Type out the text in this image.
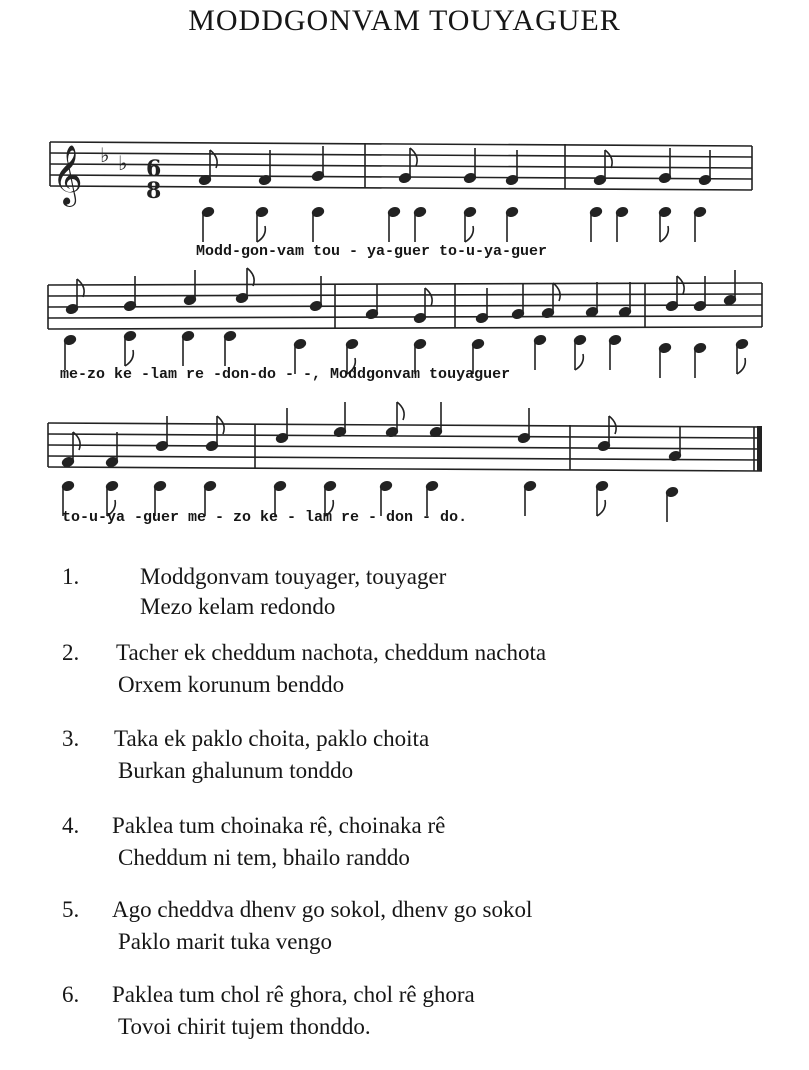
MODDGONVAM TOUYAGUER
𝄞 ♭ ♭ 6
8
Modd-gon-vam tou - ya-guer to-u-ya-guer
me-zo ke -lam re -don-do - -, Moddgonvam touyaguer
to-u-ya -guer me - zo ke - lam re - don - do.
1.	Moddgonvam touyager, touyager
Mezo kelam redondo
2. Tacher ek cheddum nachota, cheddum nachota
Orxem korunum benddo
3. Taka ek paklo choita, paklo choita
Burkan ghalunum tonddo
4. Paklea tum choinaka rê, choinaka rê
Cheddum ni tem, bhailo randdo
5. Ago cheddva dhenv go sokol, dhenv go sokol
Paklo marit tuka vengo
6. Paklea tum chol rê ghora, chol rê ghora
Tovoi chirit tujem thonddo.
